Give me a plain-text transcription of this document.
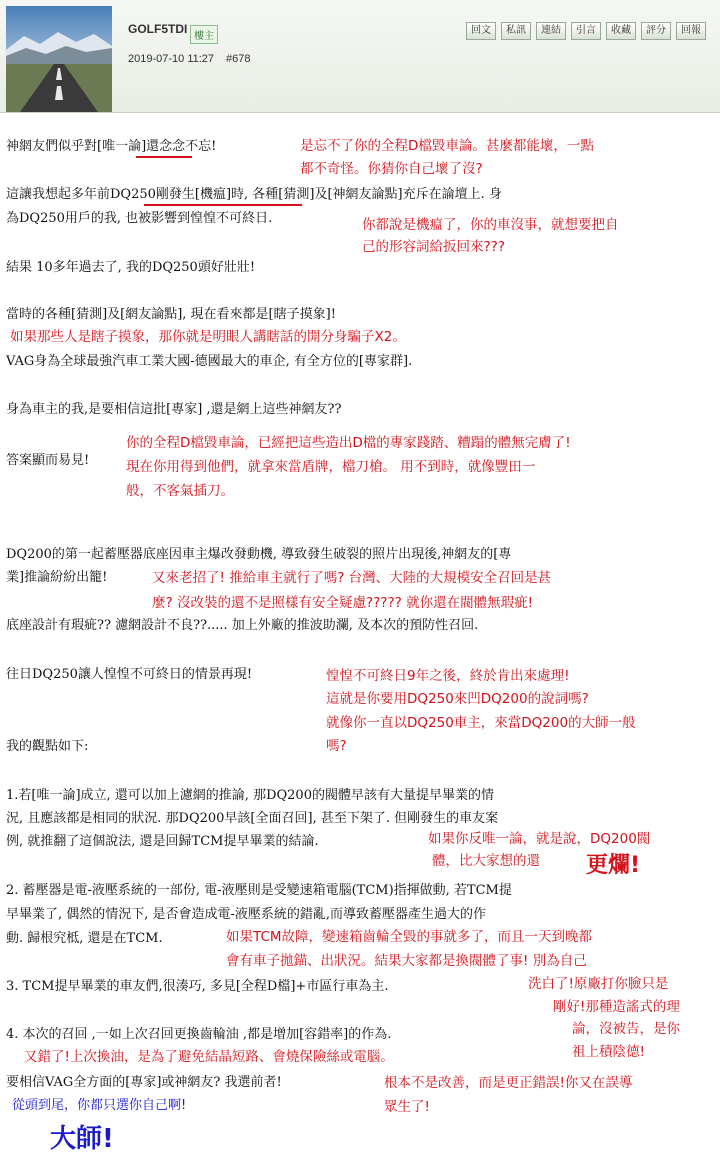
GOLF5TDI
樓主
2019-07-10 11:27 #678
回文	私訊	連結	引言	收藏	評分	回報
神網友們似乎對[唯一論]還念念不忘!
這讓我想起多年前DQ250剛發生[機瘟]時, 各種[猜測]及[神網友論點]充斥在論壇上. 身
為DQ250用戶的我, 也被影響到惶惶不可終日.
結果 10多年過去了, 我的DQ250頭好壯壯!
當時的各種[猜測]及[網友論點], 現在看來都是[瞎子摸象]!
VAG身為全球最強汽車工業大國-德國最大的車企, 有全方位的[專家群].
身為車主的我,是要相信這批[專家] ,還是網上這些神網友??
答案顯而易見!
DQ200的第一起蓄壓器底座因車主爆改發動機, 導致發生破裂的照片出現後,神網友的[專
業]推論紛紛出籠!
底座設計有瑕疵?? 濾網設計不良??..... 加上外廠的推波助瀾, 及本次的預防性召回.
往日DQ250讓人惶惶不可終日的情景再現!
我的觀點如下:
1.若[唯一論]成立, 還可以加上濾網的推論, 那DQ200的閥體早該有大量提早畢業的情
況, 且應該都是相同的狀況. 那DQ200早該[全面召回], 甚至下架了. 但剛發生的車友案
例, 就推翻了這個說法, 還是回歸TCM提早畢業的結論.
2. 蓄壓器是電-液壓系統的一部份, 電-液壓則是受變速箱電腦(TCM)指揮做動, 若TCM提
早畢業了, 偶然的情況下, 是否會造成電-液壓系統的錯亂,而導致蓄壓器產生過大的作
動. 歸根究柢, 還是在TCM.
3. TCM提早畢業的車友們,很湊巧, 多見[全程D檔]+市區行車為主.
4. 本次的召回 ,一如上次召回更換齒輪油 ,都是增加[容錯率]的作為.
要相信VAG全方面的[專家]或神網友? 我選前者!
是忘不了你的全程D檔毀車論。甚麼都能壞，一點
都不奇怪。你猜你自己壞了沒?
你都說是機瘟了，你的車沒事，就想要把自
己的形容詞給扳回來???
如果那些人是瞎子摸象，那你就是明眼人講瞎話的開分身騙子X2。
你的全程D檔毀車論，已經把這些造出D檔的專家踐踏、糟蹋的體無完膚了!
現在你用得到他們，就拿來當盾牌，檔刀槍。 用不到時，就像豐田一
般，不客氣插刀。
又來老招了! 推給車主就行了嗎? 台灣、大陸的大規模安全召回是甚
麼? 沒改裝的還不是照樣有安全疑慮????? 就你還在閥體無瑕疵!
惶惶不可終日9年之後，終於肯出來處理!
這就是你要用DQ250來凹DQ200的說詞嗎?
就像你一直以DQ250車主，來當DQ200的大師一般
嗎?
如果你反唯一論，就是說，DQ200閥
體，比大家想的還 更爛!
如果TCM故障，變速箱齒輪全毀的事就多了，而且一天到晚都
會有車子拋錨、出狀況。結果大家都是換閥體了事! 別為自己
洗白了!原廠打你臉只是
剛好!那種造謠式的理
論，沒被告，是你
祖上積陰德!
又錯了!上次換油，是為了避免結晶短路、會燒保險絲或電腦。
根本不是改善，而是更正錯誤!你又在誤導
眾生了!
從頭到尾，你都只選你自己啊!
大師!
